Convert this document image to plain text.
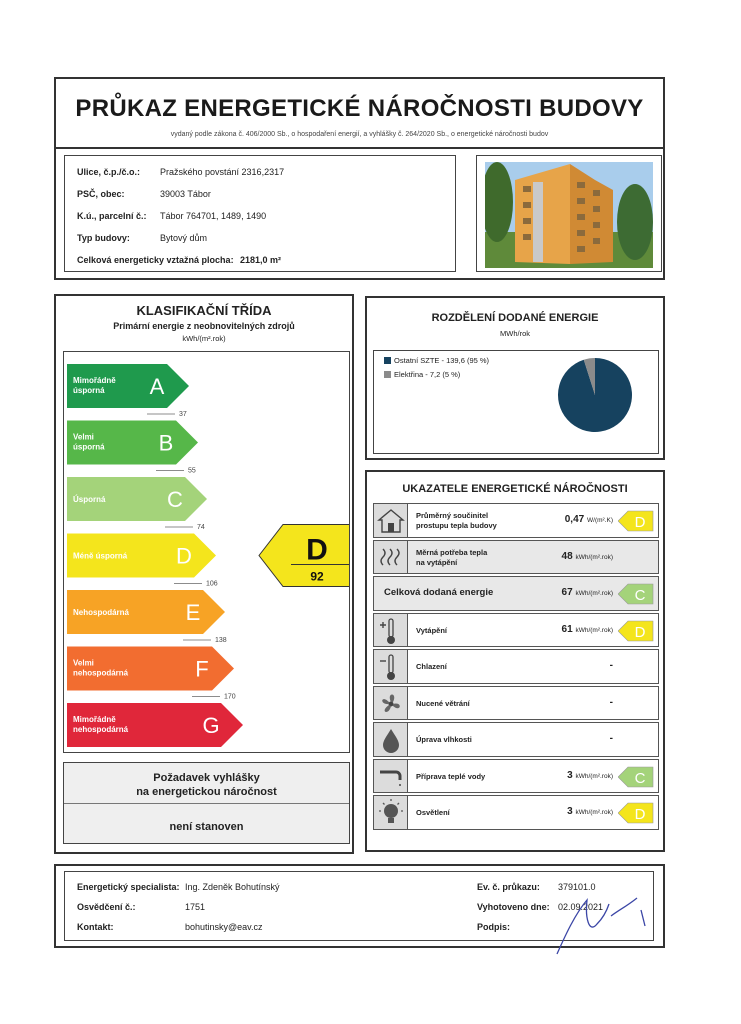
PRŮKAZ ENERGETICKÉ NÁROČNOSTI BUDOVY
vydaný podle zákona č. 406/2000 Sb., o hospodaření energií, a vyhlášky č. 264/2020 Sb., o energetické náročnosti budov
Ulice, č.p./č.o.: Pražského povstání 2316,2317
PSČ, obec:	39003 Tábor
K.ú., parcelní č.: Tábor 764701, 1489, 1490
Typ budovy:	Bytový dům
Celková energeticky vztažná plocha: 2181,0 m²
KLASIFIKAČNÍ TŘÍDA
Primární energie z neobnovitelných zdrojů
kWh/(m².rok)
Mimořádně
úsporná A
37
Velmi
úsporná B
55
Úsporná	C
74
Méně úsporná D
106
Nehospodárná	E
138
Velmi
nehospodárná	F
170
Mimořádně
nehospodárná	G
D
92
Požadavek vyhlášky
na energetickou náročnost
není stanoven
ROZDĚLENÍ DODANÉ ENERGIE
MWh/rok
Ostatní SZTE - 139,6 (95 %)
Elektřina - 7,2 (5 %)
UKAZATELE ENERGETICKÉ NÁROČNOSTI
Průměrný součinitel
prostupu tepla budovy
0,47 W/(m².K) D
Měrná potřeba tepla
na vytápění
48 kWh/(m².rok)
Celková dodaná energie	67 kWh/(m².rok) C
Vytápění	61 kWh/(m².rok) D
Chlazení	-
Nucené větrání	-
Úprava vlhkosti	-
Příprava teplé vody	3 kWh/(m².rok) C
Osvětlení	3 kWh/(m².rok) D
Energetický specialista: Ing. Zdeněk Bohutínský
Osvědčení č.:	1751
Kontakt:	bohutinsky@eav.cz
Ev. č. průkazu: 379101.0
Vyhotoveno dne: 02.09.2021
Podpis:
